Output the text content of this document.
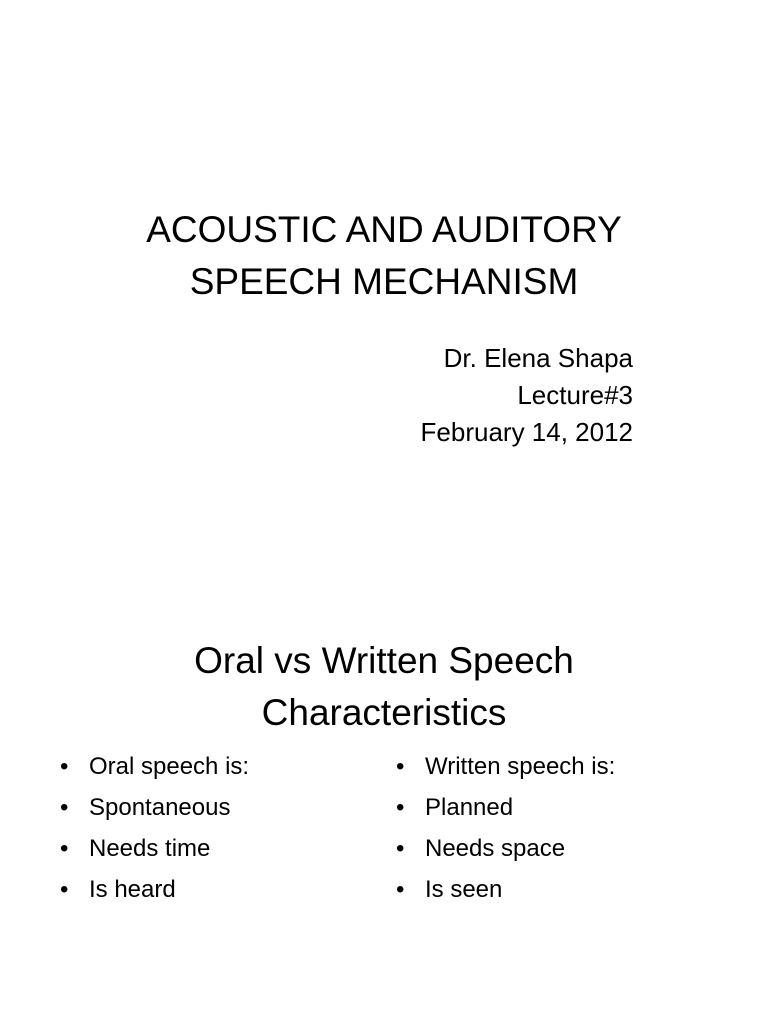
ACOUSTIC AND AUDITORY
SPEECH MECHANISM
Dr. Elena Shapa
Lecture#3
February 14, 2012
Oral vs Written Speech
Characteristics
• Oral speech is:
• Spontaneous
• Needs time
• Is heard
• Written speech is:
• Planned
• Needs space
• Is seen
